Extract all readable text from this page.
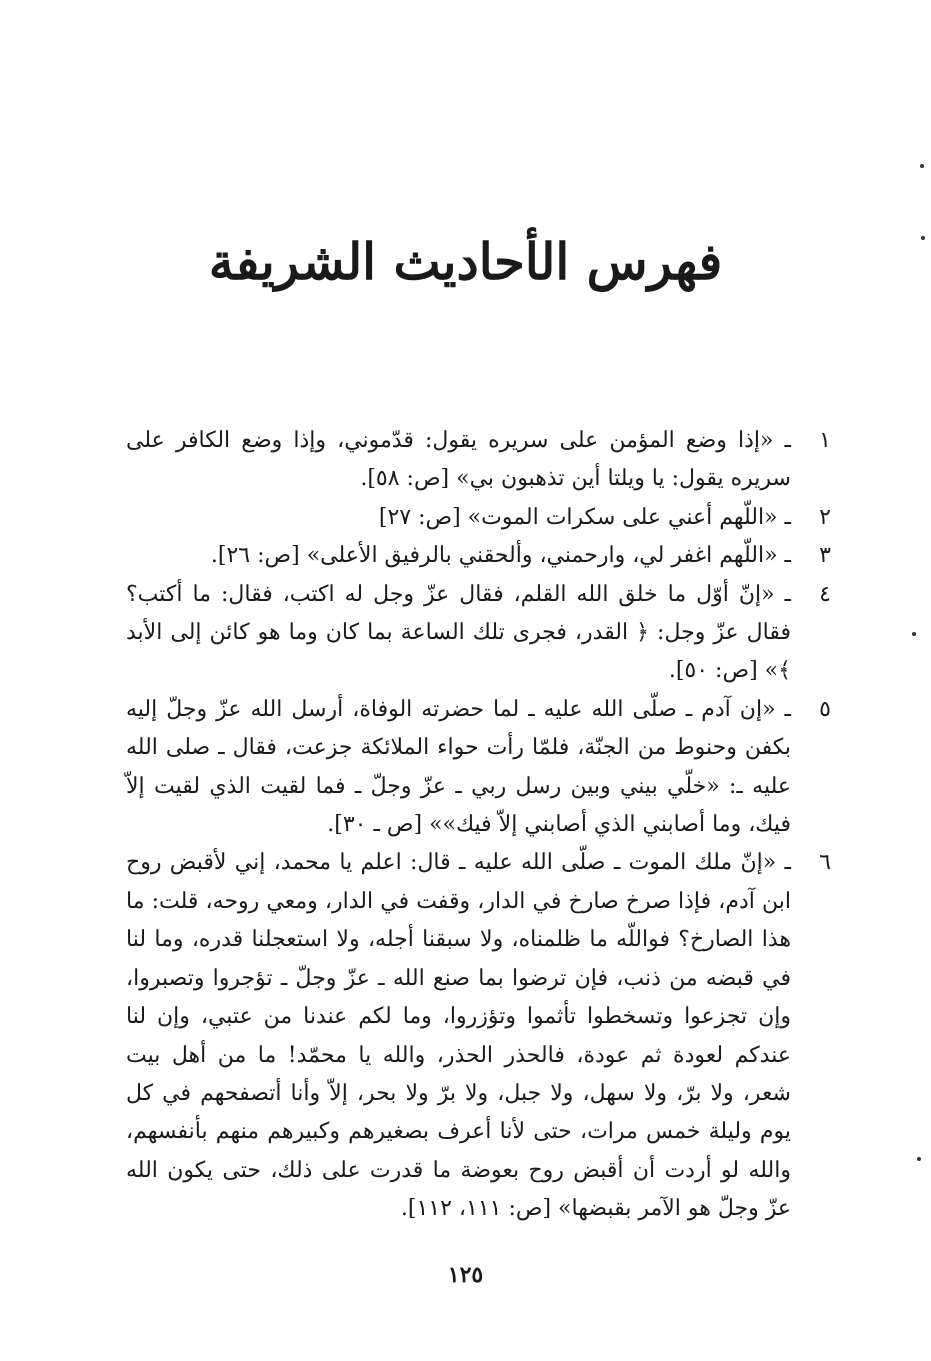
فهرس الأحاديث الشريفة
١
ـ «إذا وضع المؤمن على سريره يقول: قدّموني، وإذا وضع الكافر على سريره يقول: يا ويلتا أين تذهبون بي» [ص: ٥٨].
٢
ـ «اللّهم أعني على سكرات الموت» [ص: ٢٧]
٣
ـ «اللّهم اغفر لي، وارحمني، وألحقني بالرفيق الأعلى» [ص: ٢٦].
٤
ـ «إنّ أوّل ما خلق الله القلم، فقال عزّ وجل له اكتب، فقال: ما أكتب؟ فقال عزّ وجل: ﴿ القدر، فجرى تلك الساعة بما كان وما هو كائن إلى الأبد ﴾» [ص: ٥٠].
٥
ـ «إن آدم ـ صلّى الله عليه ـ لما حضرته الوفاة، أرسل الله عزّ وجلّ إليه بكفن وحنوط من الجنّة، فلمّا رأت حواء الملائكة جزعت، فقال ـ صلى الله عليه ـ: «خلّي بيني وبين رسل ربي ـ عزّ وجلّ ـ فما لقيت الذي لقيت إلاّ فيك، وما أصابني الذي أصابني إلاّ فيك»» [ص ـ ٣٠].
٦
ـ «إنّ ملك الموت ـ صلّى الله عليه ـ قال: اعلم يا محمد، إني لأقبض روح ابن آدم، فإذا صرخ صارخ في الدار، وقفت في الدار، ومعي روحه، قلت: ما هذا الصارخ؟ فواللّه ما ظلمناه، ولا سبقنا أجله، ولا استعجلنا قدره، وما لنا في قبضه من ذنب، فإن ترضوا بما صنع الله ـ عزّ وجلّ ـ تؤجروا وتصبروا، وإن تجزعوا وتسخطوا تأثموا وتؤزروا، وما لكم عندنا من عتبي، وإن لنا عندكم لعودة ثم عودة، فالحذر الحذر، والله يا محمّد! ما من أهل بيت شعر، ولا برّ، ولا سهل، ولا جبل، ولا برّ ولا بحر، إلاّ وأنا أتصفحهم في كل يوم وليلة خمس مرات، حتى لأنا أعرف بصغيرهم وكبيرهم منهم بأنفسهم، والله لو أردت أن أقبض روح بعوضة ما قدرت على ذلك، حتى يكون الله عزّ وجلّ هو الآمر بقبضها» [ص: ١١١، ١١٢].
١٢٥
